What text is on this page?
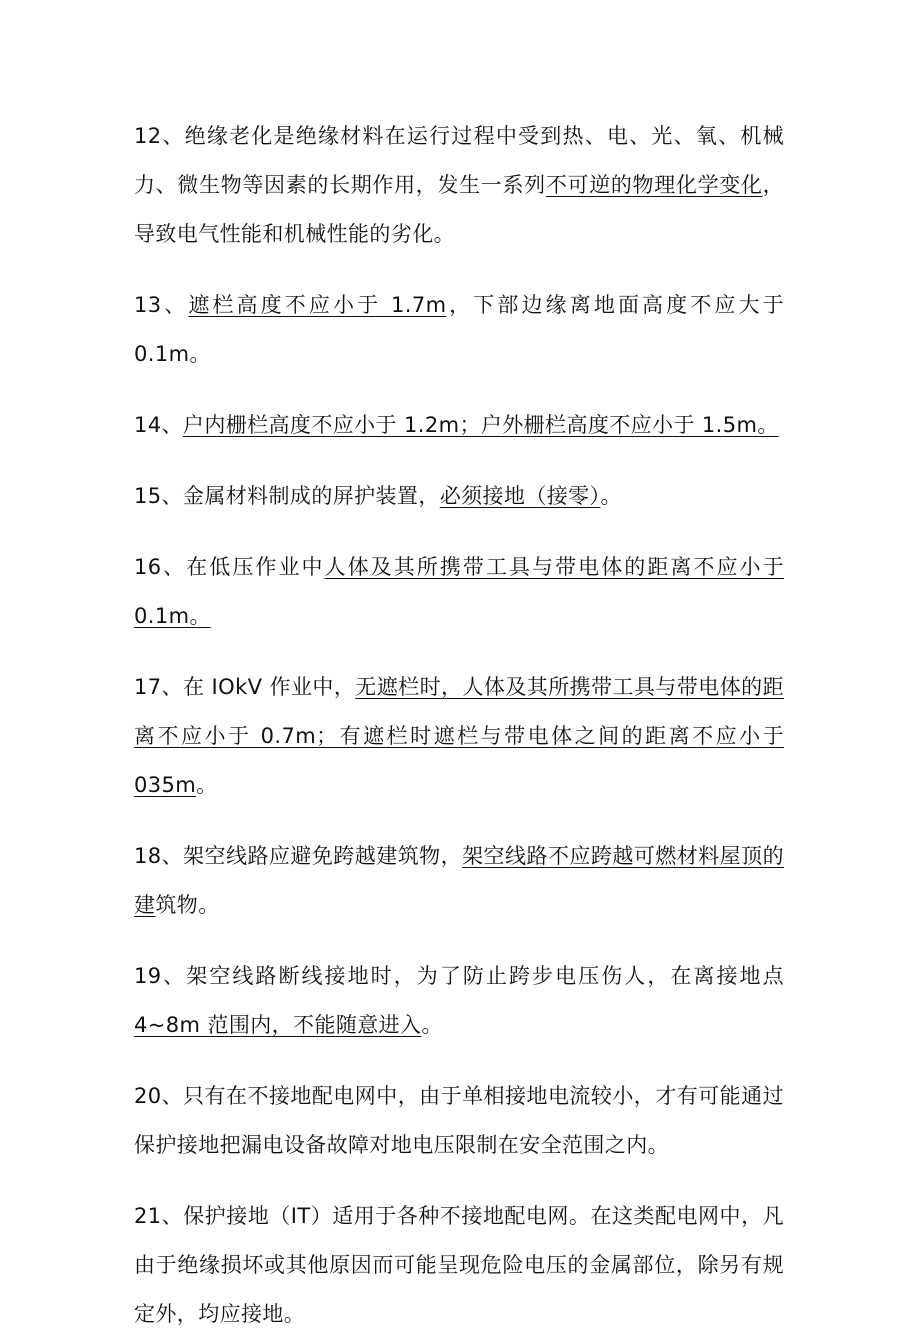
12、绝缘老化是绝缘材料在运行过程中受到热、电、光、氧、机械力、微生物等因素的长期作用，发生一系列不可逆的物理化学变化，导致电气性能和机械性能的劣化。

13、遮栏高度不应小于 1.7m，下部边缘离地面高度不应大于 0.1m。

14、户内栅栏高度不应小于 1.2m；户外栅栏高度不应小于 1.5m。

15、金属材料制成的屏护装置，必须接地（接零）。

16、在低压作业中人体及其所携带工具与带电体的距离不应小于 0.1m。

17、在 IOkV 作业中，无遮栏时，人体及其所携带工具与带电体的距离不应小于 0.7m；有遮栏时遮栏与带电体之间的距离不应小于 035m。

18、架空线路应避免跨越建筑物，架空线路不应跨越可燃材料屋顶的建筑物。

19、架空线路断线接地时，为了防止跨步电压伤人，在离接地点 4~8m 范围内，不能随意进入。

20、只有在不接地配电网中，由于单相接地电流较小，才有可能通过保护接地把漏电设备故障对地电压限制在安全范围之内。

21、保护接地（IT）适用于各种不接地配电网。在这类配电网中，凡由于绝缘损坏或其他原因而可能呈现危险电压的金属部位，除另有规定外，均应接地。
